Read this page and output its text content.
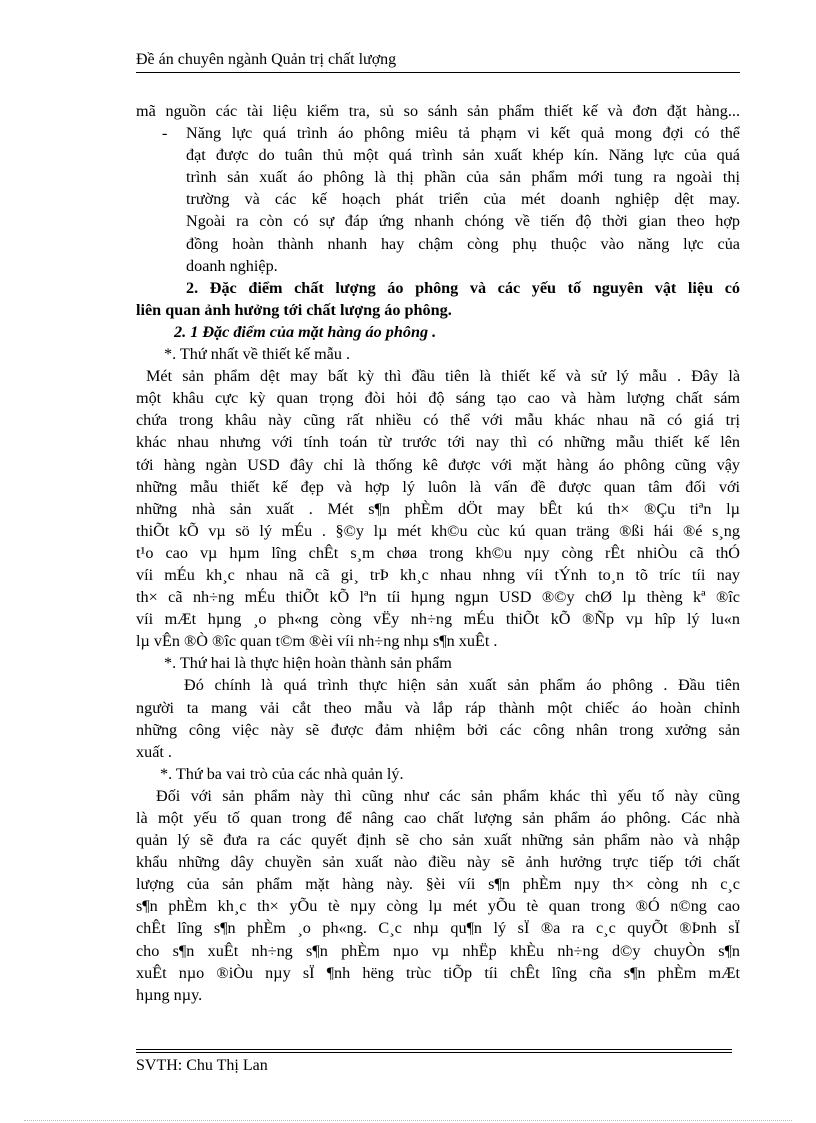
Đề án chuyên ngành Quản trị chất lượng

mã nguồn các tài liệu kiểm tra, sủ so sánh sản phẩm thiết kế và đơn đặt hàng...

- Năng lực quá trình áo phông miêu tả phạm vi kết quả mong đợi có thể

đạt được do tuân thủ một quá trình sản xuất khép kín. Năng lực của quá

trình sản xuất áo phông là thị phần của sản phẩm mới tung ra ngoài thị

trường và các kế hoạch phát triển của mét doanh nghiệp dệt may.

Ngoài ra còn có sự đáp ứng nhanh chóng về tiến độ thời gian theo hợp

đồng hoàn thành nhanh hay chậm còng phụ thuộc vào năng lực của

doanh nghiệp.

2. Đặc điểm chất lượng áo phông và các yếu tố nguyên vật liệu có

liên quan ảnh hưởng tới chất lượng áo phông.

2. 1 Đặc điểm của mặt hàng áo phông .

*. Thứ nhất về thiết kế mẫu .

Mét sản phẩm dệt may bất kỳ thì đầu tiên là thiết kế và sử lý mẫu . Đây là

một khâu cực kỳ quan trọng đòi hỏi độ sáng tạo cao và hàm lượng chất sám

chứa trong khâu này cũng rất nhiều có thể với mẫu khác nhau nã có giá trị

khác nhau nhưng với tính toán từ trước tới nay thì có những mẫu thiết kế lên

tới hàng ngàn USD đây chỉ là thống kê được với mặt hàng áo phông cũng vậy

những mẫu thiết kế đẹp và hợp lý luôn là vấn đề được quan tâm đối với

những nhà sản xuất . Mét s¶n phÈm dÖt may bÊt kú th× ®Çu tiªn lµ

thiÕt kÕ vµ sö lý mÉu . §©y lµ mét kh©u cùc kú quan träng ®ßi hái ®é s¸ng

t¹o cao vµ hµm lîng chÊt s¸m chøa trong kh©u nµy còng rÊt nhiÒu cã thÓ

víi mÉu kh¸c nhau nã cã gi¸ trÞ kh¸c nhau nhng víi tÝnh to¸n tõ tríc tíi nay

th× cã nh÷ng mÉu thiÕt kÕ lªn tíi hµng ngµn USD ®©y chØ lµ thèng kª ®îc

víi mÆt hµng ¸o ph«ng còng vËy nh÷ng mÉu thiÕt kÕ ®Ñp vµ hîp lý lu«n

lµ vÊn ®Ò ®îc quan t©m ®èi víi nh÷ng nhµ s¶n xuÊt .

*. Thứ hai là thực hiện hoàn thành sản phẩm

Đó chính là quá trình thực hiện sản xuất sản phẩm áo phông . Đầu tiên

người ta mang vải cắt theo mẫu và lắp ráp thành một chiếc áo hoàn chỉnh

những công việc này sẽ được đảm nhiệm bởi các công nhân trong xưởng sản

xuất .

*. Thứ ba vai trò của các nhà quản lý.

Đối với sản phẩm này thì cũng như các sản phẩm khác thì yếu tố này cũng

là một yếu tố quan trong để nâng cao chất lượng sản phẩm áo phông. Các nhà

quản lý sẽ đưa ra các quyết định sẽ cho sản xuất những sản phẩm nào và nhập

khẩu những dây chuyền sản xuất nào điều này sẽ ảnh hưởng trực tiếp tới chất

lượng của sản phẩm mặt hàng này. §èi víi s¶n phÈm nµy th× còng nh c¸c

s¶n phÈm kh¸c th× yÕu tè nµy còng lµ mét yÕu tè quan trong ®Ó n©ng cao

chÊt lîng s¶n phÈm ¸o ph«ng. C¸c nhµ qu¶n lý sÏ ®a ra c¸c quyÕt ®Þnh sÏ

cho s¶n xuÊt nh÷ng s¶n phÈm nµo vµ nhËp khÈu nh÷ng d©y chuyÒn s¶n

xuÊt nµo ®iÒu nµy sÏ ¶nh hëng trùc tiÕp tíi chÊt lîng cña s¶n phÈm mÆt

hµng nµy.

SVTH: Chu Thị Lan
